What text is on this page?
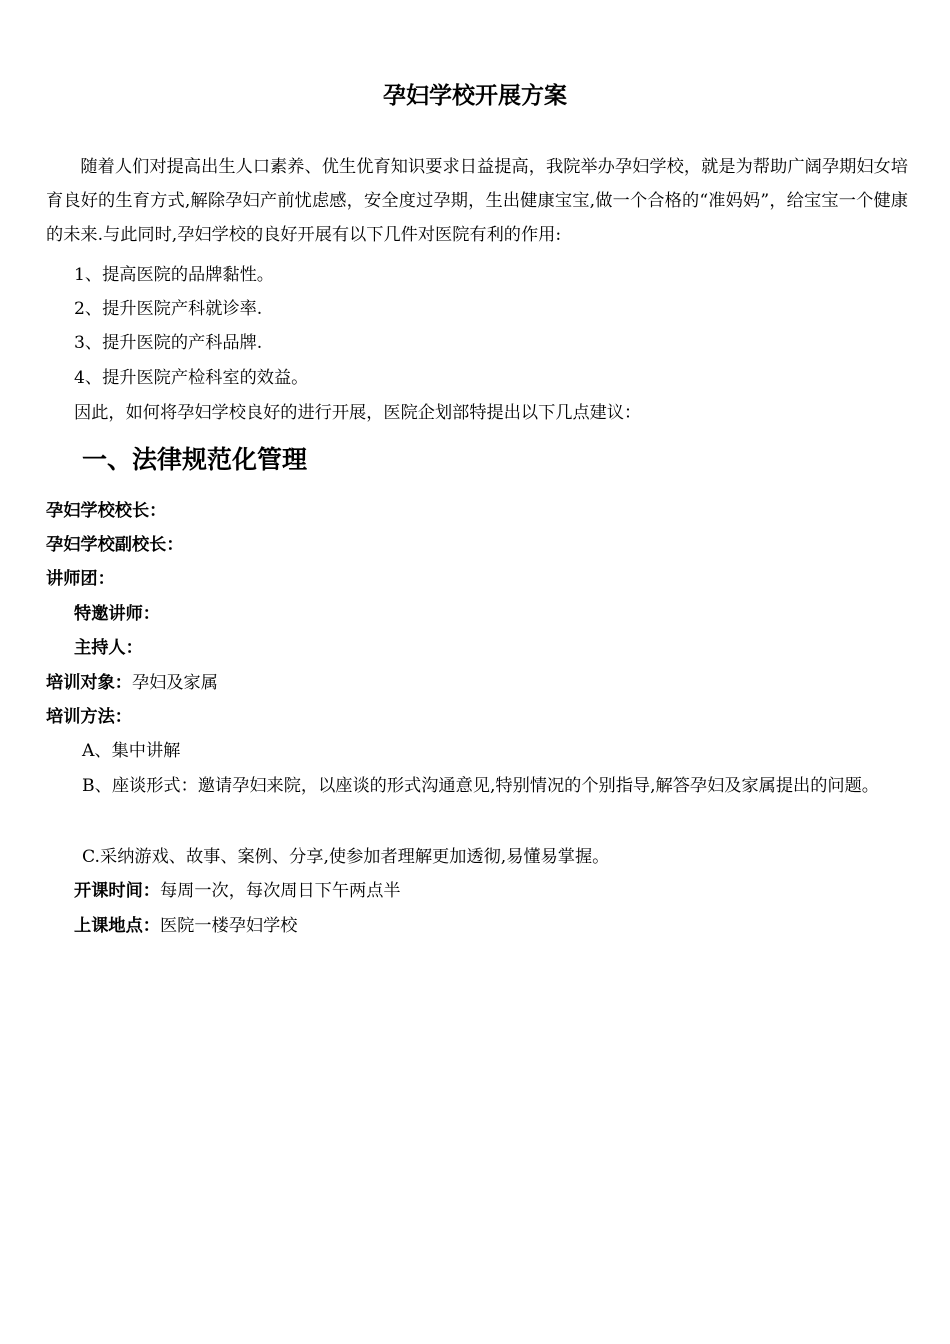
孕妇学校开展方案

随着人们对提高出生人口素养、优生优育知识要求日益提高，我院举办孕妇学校，就是为帮助广阔孕期妇女培育良好的生育方式,解除孕妇产前忧虑感，安全度过孕期，生出健康宝宝,做一个合格的“准妈妈”，给宝宝一个健康的未来.与此同时,孕妇学校的良好开展有以下几件对医院有利的作用:

1、提高医院的品牌黏性。
2、提升医院产科就诊率.
3、提升医院的产科品牌.
4、提升医院产检科室的效益。
因此，如何将孕妇学校良好的进行开展，医院企划部特提出以下几点建议：
一、法律规范化管理
孕妇学校校长：
孕妇学校副校长：
讲师团：
特邀讲师：
主持人：
培训对象：孕妇及家属
培训方法：
A、集中讲解

B、座谈形式：邀请孕妇来院，以座谈的形式沟通意见,特别情况的个别指导,解答孕妇及家属提出的问题。

C.采纳游戏、故事、案例、分享,使参加者理解更加透彻,易懂易掌握。
开课时间：每周一次，每次周日下午两点半
上课地点：医院一楼孕妇学校
